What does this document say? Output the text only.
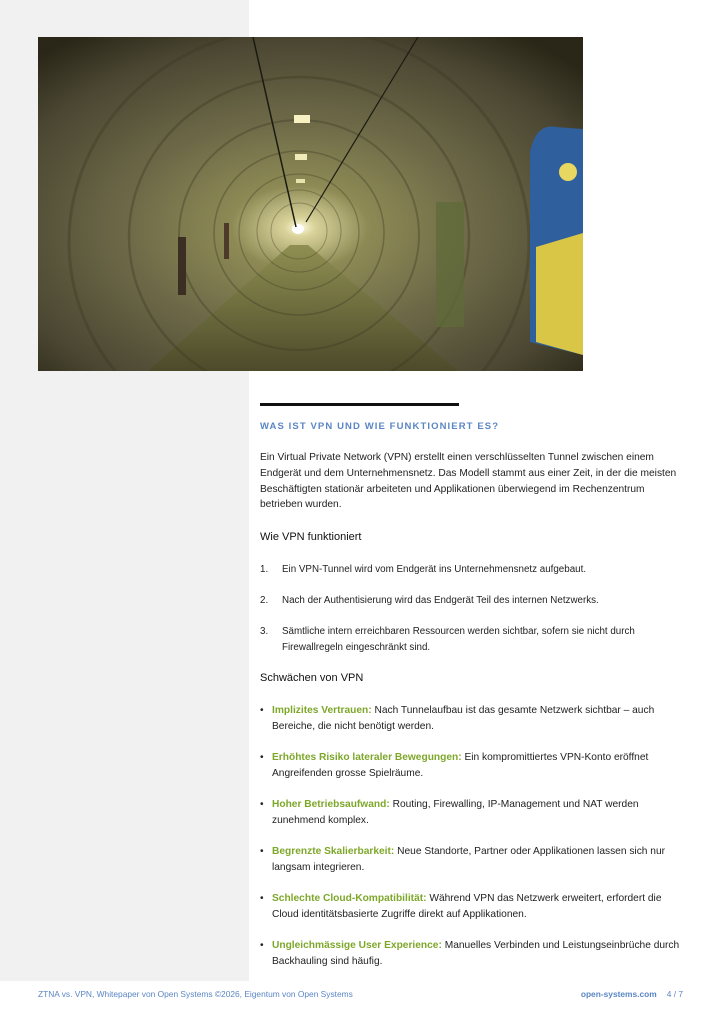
WAS IST VPN UND WIE FUNKTIONIERT ES?

Ein Virtual Private Network (VPN) erstellt einen verschlüsselten Tunnel zwischen einem Endgerät und dem Unternehmensnetz. Das Modell stammt aus einer Zeit, in der die meisten Beschäftigten stationär arbeiteten und Applikationen überwiegend im Rechenzentrum betrieben wurden.

Wie VPN funktioniert
1. Ein VPN-Tunnel wird vom Endgerät ins Unternehmensnetz aufgebaut.
2. Nach der Authentisierung wird das Endgerät Teil des internen Netzwerks.
3. Sämtliche intern erreichbaren Ressourcen werden sichtbar, sofern sie nicht durch Firewallregeln eingeschränkt sind.
Schwächen von VPN
• Implizites Vertrauen: Nach Tunnelaufbau ist das gesamte Netzwerk sichtbar – auch Bereiche, die nicht benötigt werden.
• Erhöhtes Risiko lateraler Bewegungen: Ein kompromittiertes VPN-Konto eröffnet Angreifenden grosse Spielräume.
• Hoher Betriebsaufwand: Routing, Firewalling, IP-Management und NAT werden zunehmend komplex.
• Begrenzte Skalierbarkeit: Neue Standorte, Partner oder Applikationen lassen sich nur langsam integrieren.
• Schlechte Cloud-Kompatibilität: Während VPN das Netzwerk erweitert, erfordert die Cloud identitätsbasierte Zugriffe direkt auf Applikationen.
• Ungleichmässige User Experience: Manuelles Verbinden und Leistungseinbrüche durch Backhauling sind häufig.
ZTNA vs. VPN, Whitepaper von Open Systems ©2026, Eigentum von Open Systems	open-systems.com 4 / 7
